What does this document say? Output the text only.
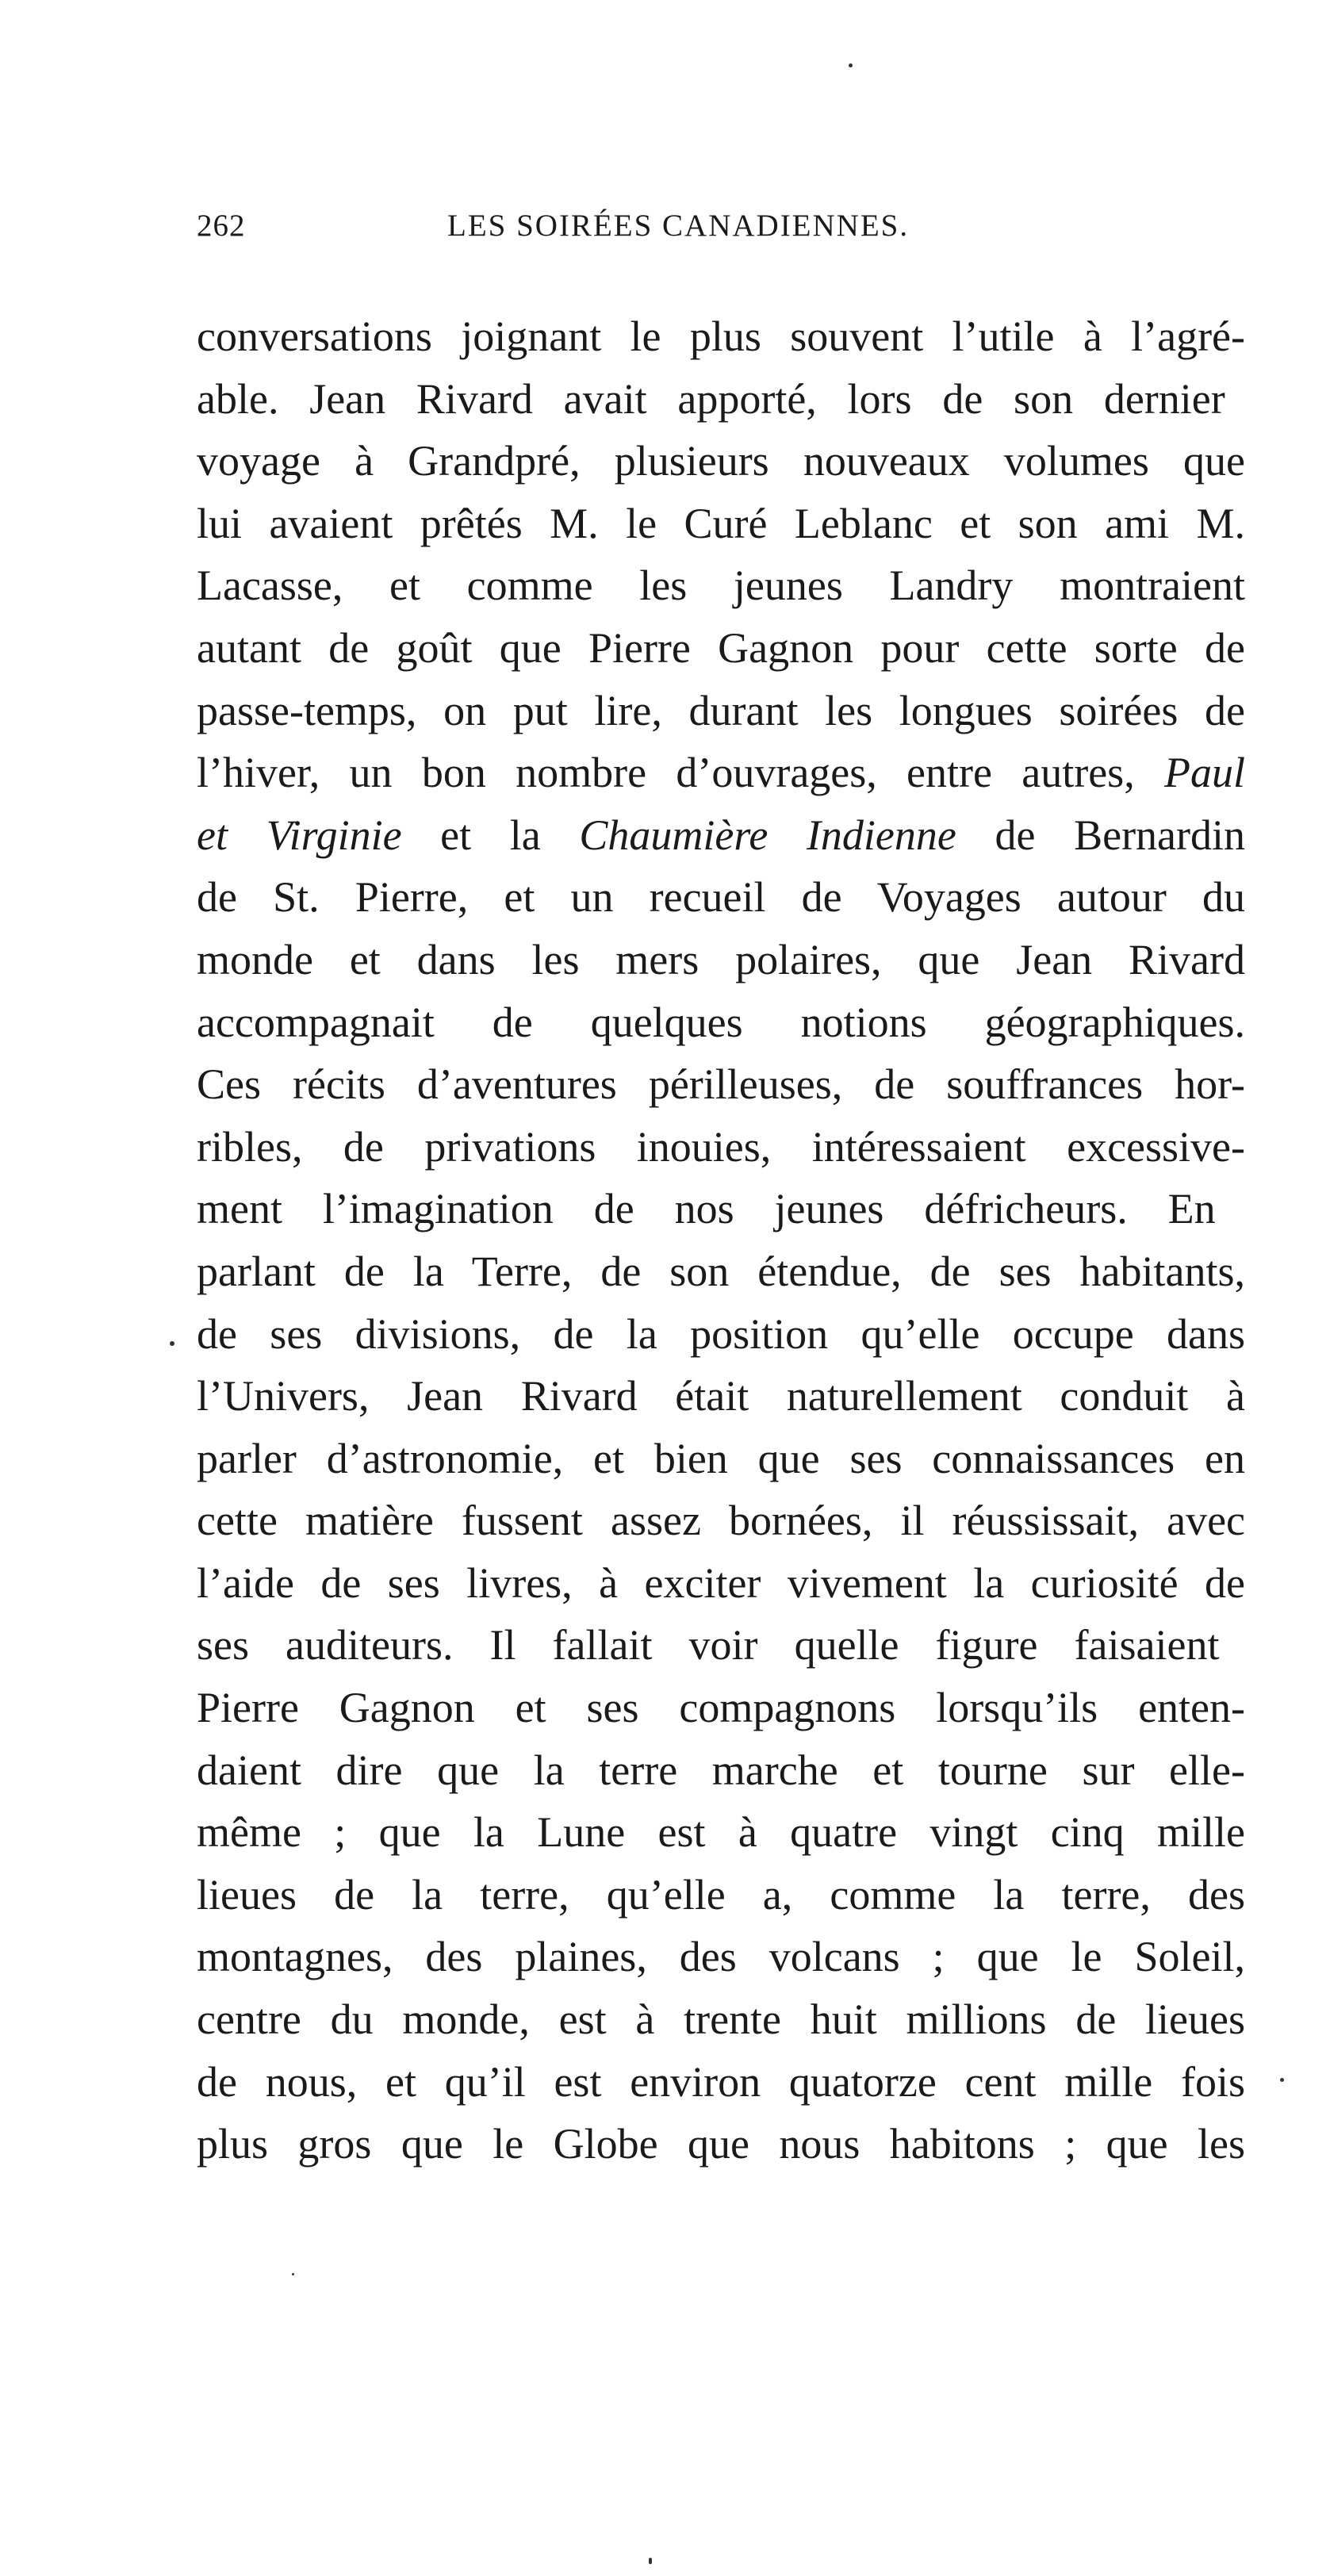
262	LES SOIRÉES CANADIENNES.
conversations joignant le plus souvent l’utile à l’agré-
able. Jean Rivard avait apporté, lors de son dernier
voyage à Grandpré, plusieurs nouveaux volumes que
lui avaient prêtés M. le Curé Leblanc et son ami M.
Lacasse, et comme les jeunes Landry montraient
autant de goût que Pierre Gagnon pour cette sorte de
passe-temps, on put lire, durant les longues soirées de
l’hiver, un bon nombre d’ouvrages, entre autres, Paul
et Virginie et la Chaumière Indienne de Bernardin
de St. Pierre, et un recueil de Voyages autour du
monde et dans les mers polaires, que Jean Rivard
accompagnait de quelques notions géographiques.
Ces récits d’aventures périlleuses, de souffrances hor-
ribles, de privations inouies, intéressaient excessive-
ment l’imagination de nos jeunes défricheurs. En
parlant de la Terre, de son étendue, de ses habitants,
de ses divisions, de la position qu’elle occupe dans
l’Univers, Jean Rivard était naturellement conduit à
parler d’astronomie, et bien que ses connaissances en
cette matière fussent assez bornées, il réussissait, avec
l’aide de ses livres, à exciter vivement la curiosité de
ses auditeurs. Il fallait voir quelle figure faisaient
Pierre Gagnon et ses compagnons lorsqu’ils enten-
daient dire que la terre marche et tourne sur elle-
même ; que la Lune est à quatre vingt cinq mille
lieues de la terre, qu’elle a, comme la terre, des
montagnes, des plaines, des volcans ; que le Soleil,
centre du monde, est à trente huit millions de lieues
de nous, et qu’il est environ quatorze cent mille fois
plus gros que le Globe que nous habitons ; que les
